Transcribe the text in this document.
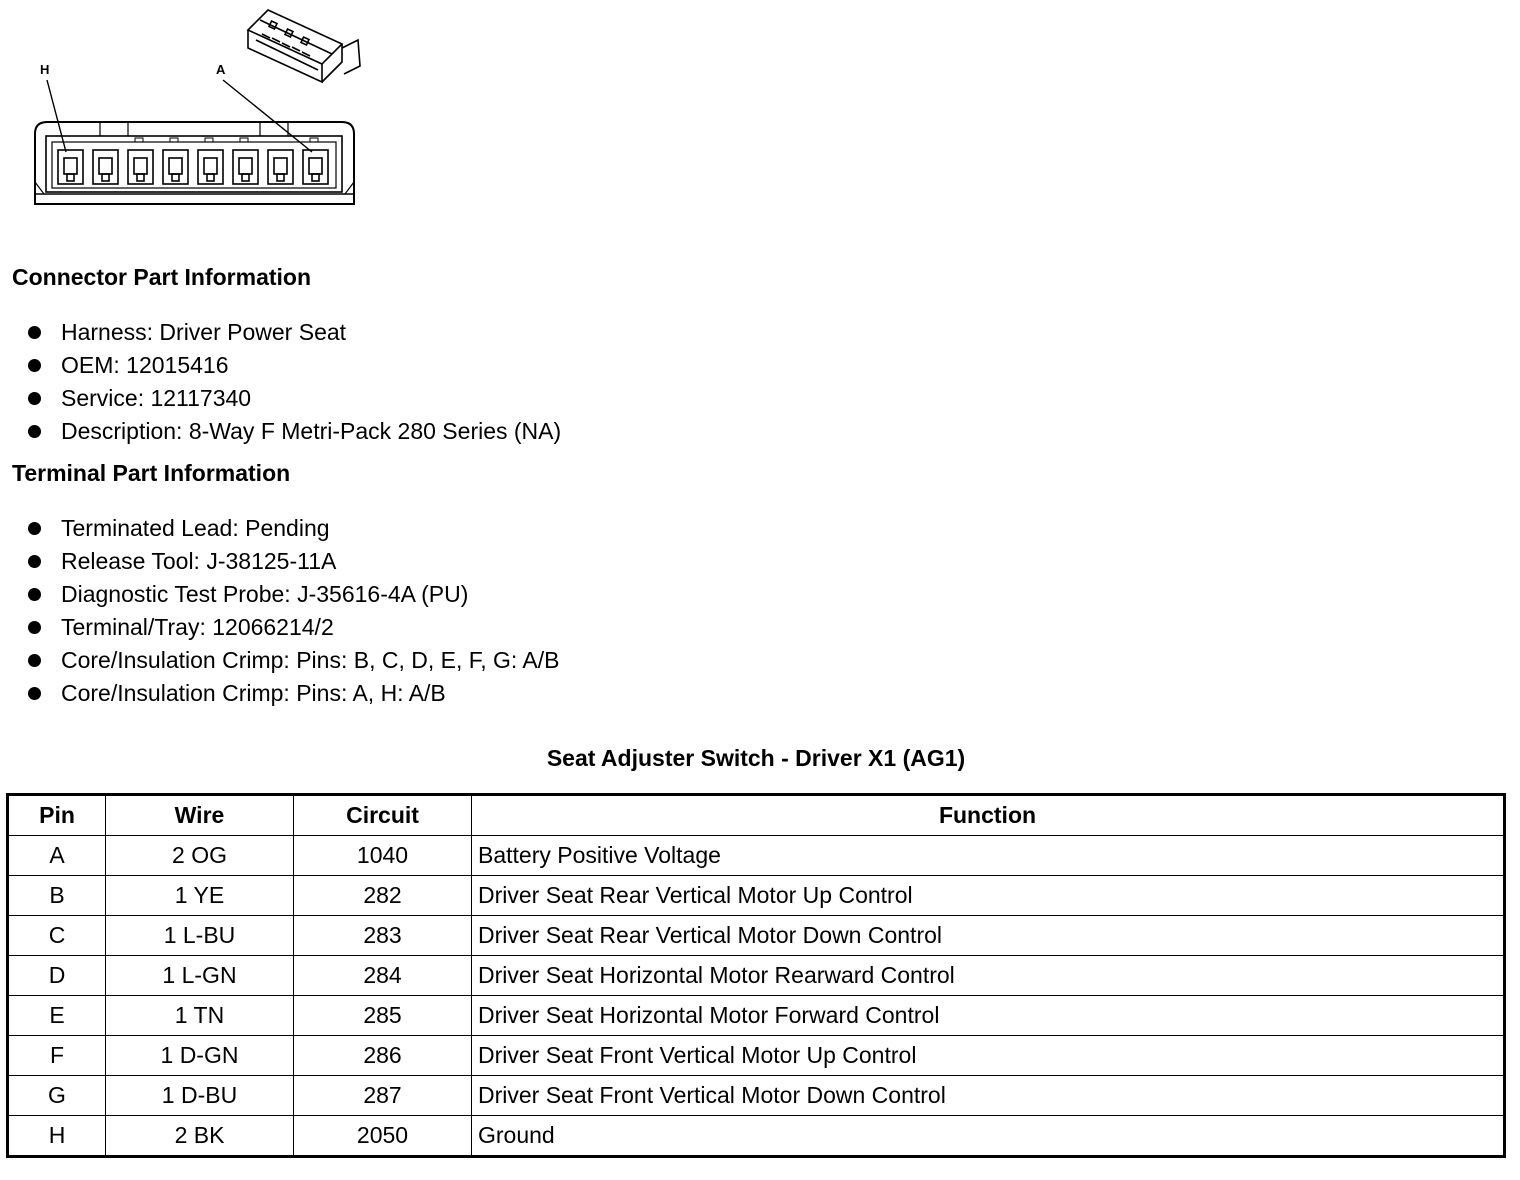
H	A
Connector Part Information
Harness: Driver Power Seat
OEM: 12015416
Service: 12117340
Description: 8-Way F Metri-Pack 280 Series (NA)
Terminal Part Information
Terminated Lead: Pending
Release Tool: J-38125-11A
Diagnostic Test Probe: J-35616-4A (PU)
Terminal/Tray: 12066214/2
Core/Insulation Crimp: Pins: B, C, D, E, F, G: A/B
Core/Insulation Crimp: Pins: A, H: A/B
Seat Adjuster Switch - Driver X1 (AG1)
Pin	Wire	Circuit	Function
A	2 OG	1040	Battery Positive Voltage
B	1 YE	282	Driver Seat Rear Vertical Motor Up Control
C	1 L-BU	283	Driver Seat Rear Vertical Motor Down Control
D	1 L-GN	284	Driver Seat Horizontal Motor Rearward Control
E	1 TN	285	Driver Seat Horizontal Motor Forward Control
F	1 D-GN	286	Driver Seat Front Vertical Motor Up Control
G	1 D-BU	287	Driver Seat Front Vertical Motor Down Control
H	2 BK	2050	Ground
